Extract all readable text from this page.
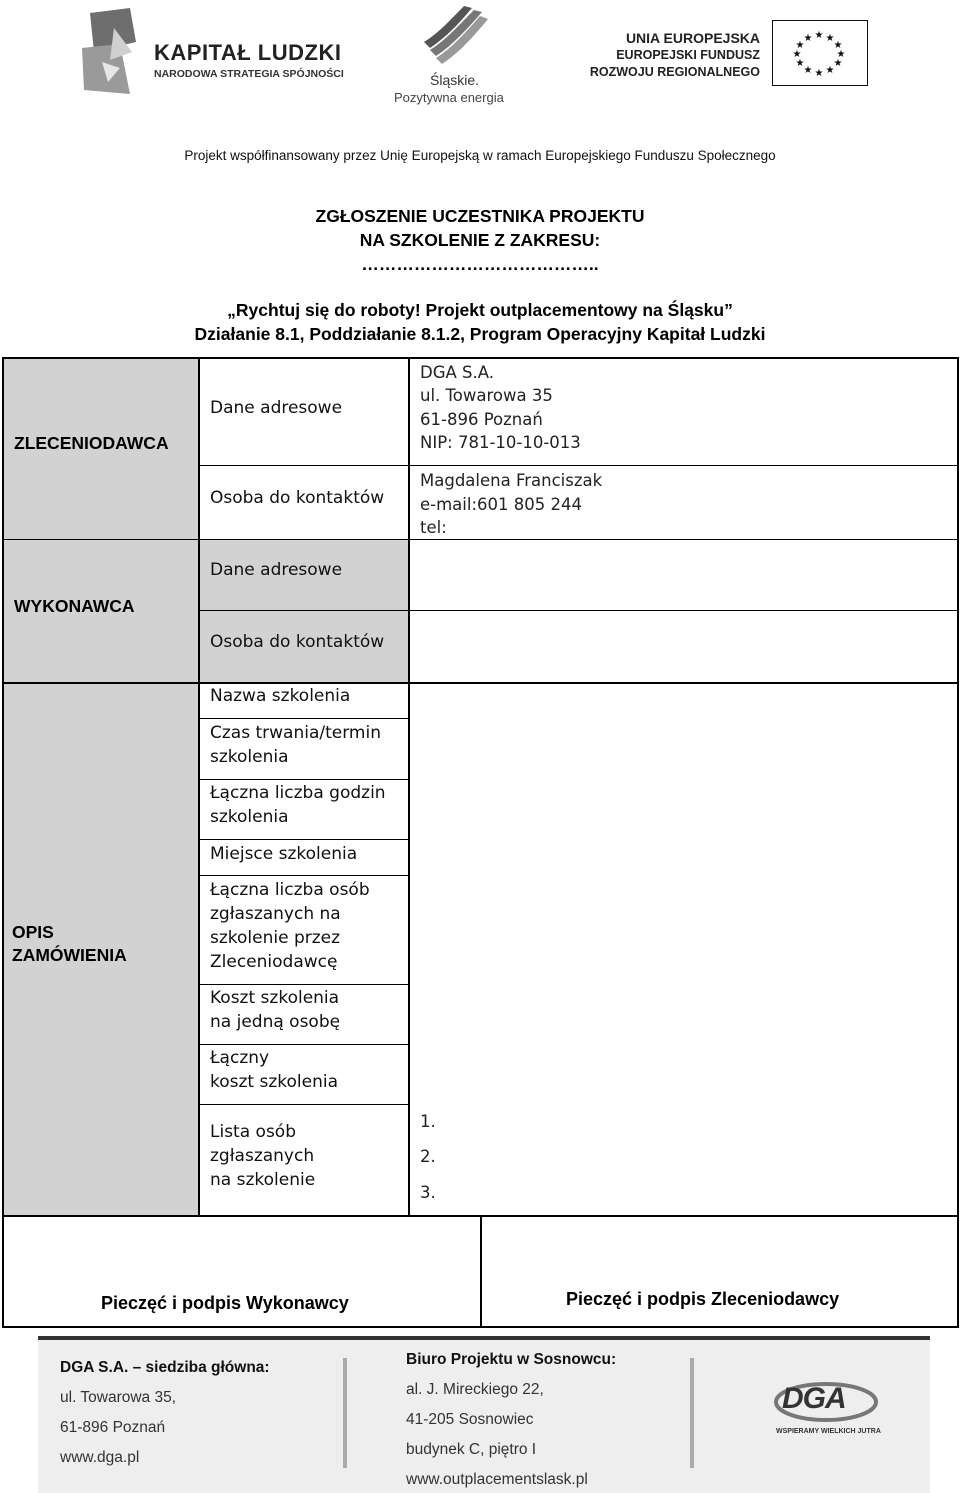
KAPITAŁ LUDZKI
NARODOWA STRATEGIA SPÓJNOŚCI	Śląskie.
Pozytywna energia
UNIA EUROPEJSKA
EUROPEJSKI FUNDUSZ
ROZWOJU REGIONALNEGO
★ ★
★
★
★
★
★
★
★
★
★
★
Projekt współfinansowany przez Unię Europejską w ramach Europejskiego Funduszu Społecznego
ZGŁOSZENIE UCZESTNIKA PROJEKTU
NA SZKOLENIE Z ZAKRESU:
…………………………………..
„Rychtuj się do roboty! Projekt outplacementowy na Śląsku”
Działanie 8.1, Poddziałanie 8.1.2, Program Operacyjny Kapitał Ludzki
ZLECENIODAWCA
Dane adresowe
DGA S.A.
ul. Towarowa 35
61-896 Poznań
NIP: 781-10-10-013
Osoba do kontaktów
Magdalena Franciszak
e-mail:601 805 244
tel:
WYKONAWCA
Dane adresowe
Osoba do kontaktów
OPIS
ZAMÓWIENIA
Nazwa szkolenia
Czas trwania/termin
szkolenia
Łączna liczba godzin
szkolenia
Miejsce szkolenia
Łączna liczba osób
zgłaszanych na
szkolenie przez
Zleceniodawcę
Koszt szkolenia
na jedną osobę
Łączny
koszt szkolenia
Lista osób
zgłaszanych
na szkolenie
1.
2.
3.
Pieczęć i podpis Wykonawcy	Pieczęć i podpis Zleceniodawcy
DGA S.A. – siedziba główna:
ul. Towarowa 35,
61-896 Poznań
www.dga.pl
Biuro Projektu w Sosnowcu:
al. J. Mireckiego 22,
41-205 Sosnowiec
budynek C, piętro I
www.outplacementslask.pl
DGA
WSPIERAMY WIELKICH JUTRA
